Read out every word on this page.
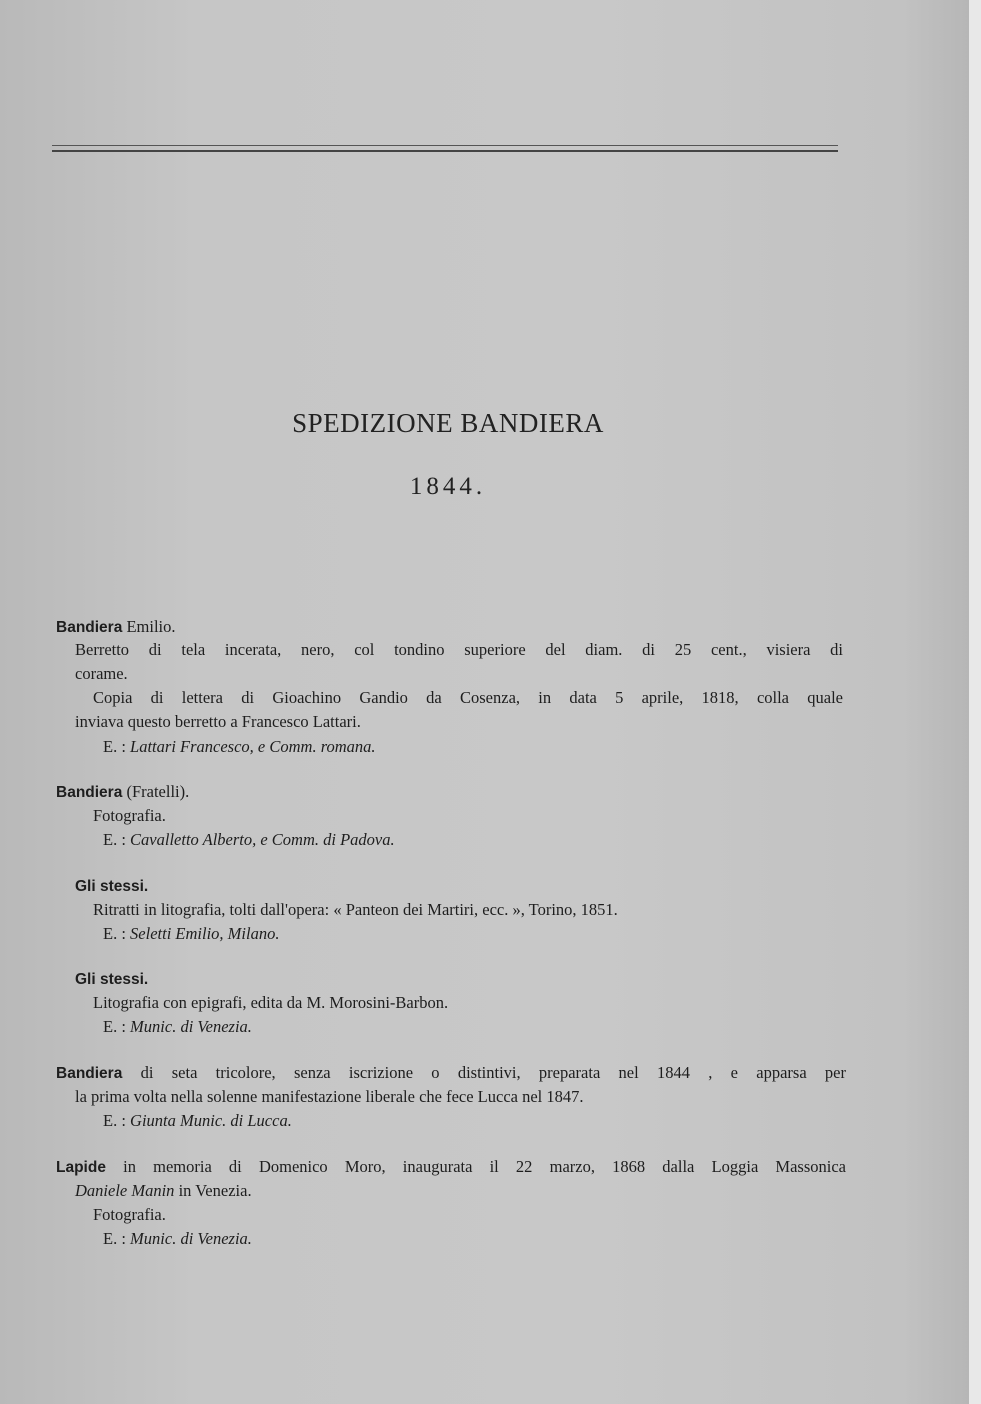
SPEDIZIONE BANDIERA
1844.
Bandiera Emilio.
Berretto di tela incerata, nero, col tondino superiore del diam. di 25 cent., visiera di
corame.
Copia di lettera di Gioachino Gandio da Cosenza, in data 5 aprile, 1818, colla quale
inviava questo berretto a Francesco Lattari.
E. : Lattari Francesco, e Comm. romana.
Bandiera (Fratelli).
Fotografia.
E. : Cavalletto Alberto, e Comm. di Padova.
Gli stessi.
Ritratti in litografia, tolti dall'opera: « Panteon dei Martiri, ecc. », Torino, 1851.
E. : Seletti Emilio, Milano.
Gli stessi.
Litografia con epigrafi, edita da M. Morosini-Barbon.
E. : Munic. di Venezia.
Bandiera di seta tricolore, senza iscrizione o distintivi, preparata nel 1844 , e apparsa per
la prima volta nella solenne manifestazione liberale che fece Lucca nel 1847.
E. : Giunta Munic. di Lucca.
Lapide in memoria di Domenico Moro, inaugurata il 22 marzo, 1868 dalla Loggia Massonica
Daniele Manin in Venezia.
Fotografia.
E. : Munic. di Venezia.
